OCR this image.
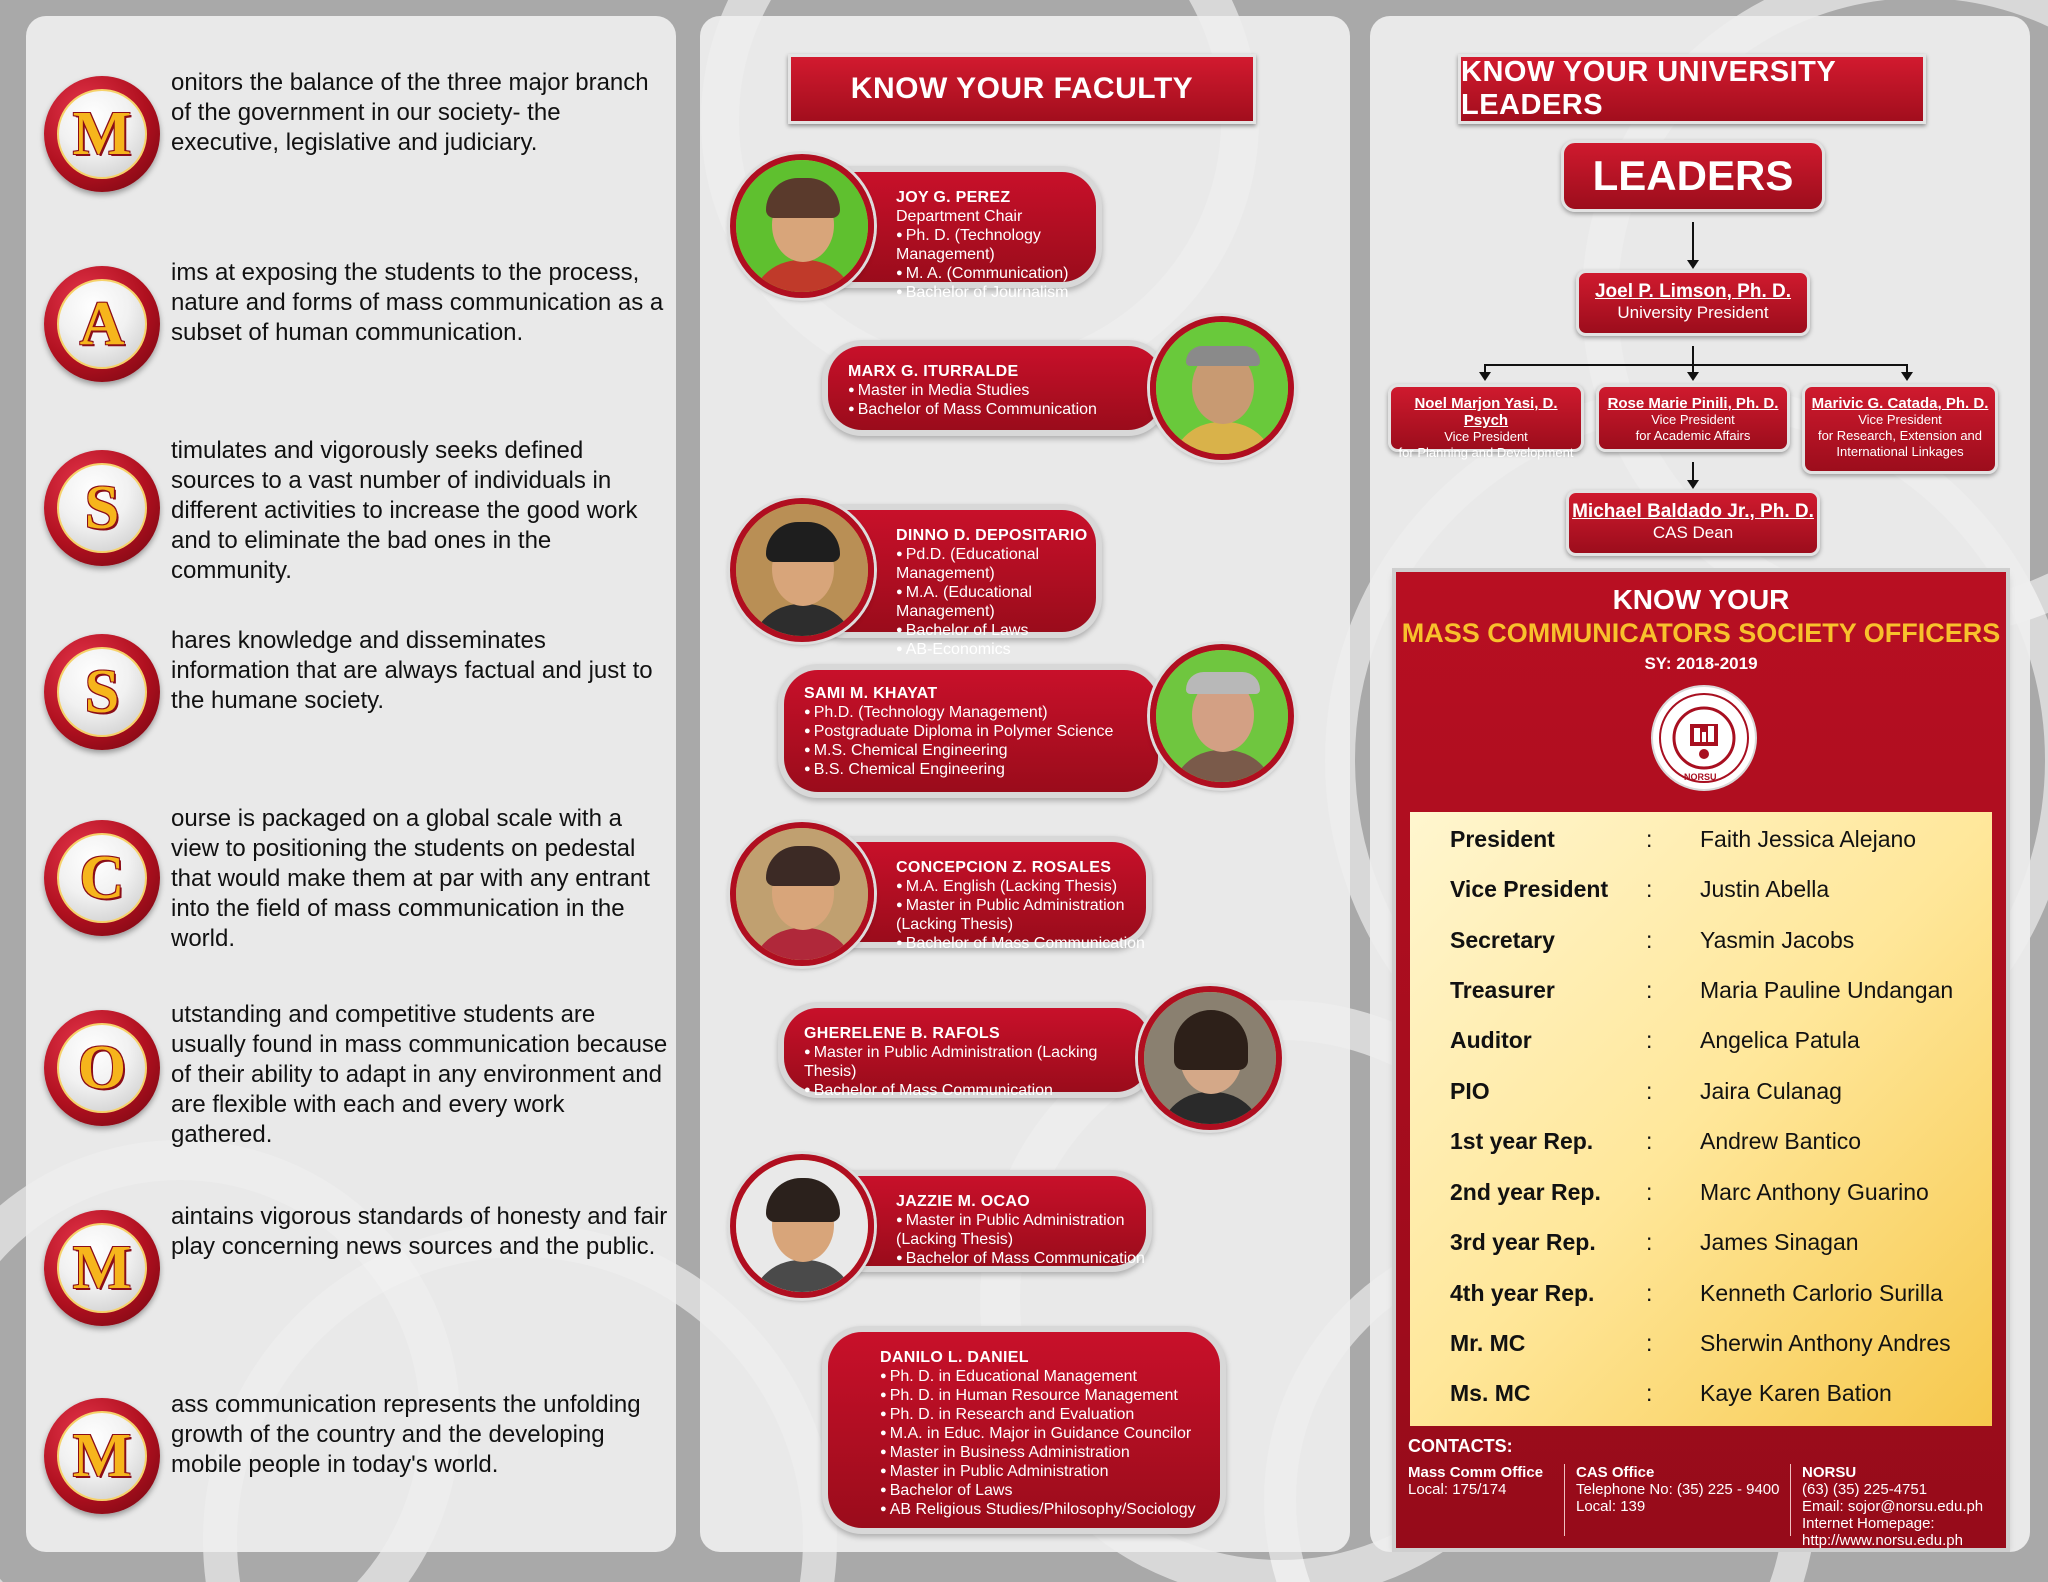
M
onitors the balance of the three major branch of the government in our society- the executive, legislative and judiciary.
A
ims at exposing the students to the process, nature and forms of mass communication as a subset of human communication.
S
timulates and vigorously seeks defined sources to a vast number of individuals in different activities to increase the good work and to eliminate the bad ones in the community.
S
hares knowledge and disseminates information that are always factual and just to the humane society.
C
ourse is packaged on a global scale with a view to positioning the students on pedestal that would make them at par with any entrant into the field of mass communication in the world.
O
utstanding and competitive students are usually found in mass communication because of their ability to adapt in any environment and are flexible with each and every work gathered.
M
aintains vigorous standards of honesty and fair play concerning news sources and the public.
M
ass communication represents the unfolding growth of the country and the developing mobile people in today's world.
KNOW YOUR FACULTY
JOY G. PEREZ
Department Chair
● Ph. D. (Technology Management)
● M. A. (Communication)
● Bachelor of Journalism
MARX G. ITURRALDE
● Master in Media Studies
● Bachelor of Mass Communication
DINNO D. DEPOSITARIO
● Pd.D. (Educational Management)
● M.A. (Educational Management)
● Bachelor of Laws
● AB-Economics
SAMI M. KHAYAT
● Ph.D. (Technology Management)
● Postgraduate Diploma in Polymer Science
● M.S. Chemical Engineering
● B.S. Chemical Engineering
CONCEPCION Z. ROSALES
● M.A. English (Lacking Thesis)
● Master in Public Administration (Lacking Thesis)
● Bachelor of Mass Communication
GHERELENE B. RAFOLS
● Master in Public Administration (Lacking Thesis)
● Bachelor of Mass Communication
JAZZIE M. OCAO
● Master in Public Administration (Lacking Thesis)
● Bachelor of Mass Communication
DANILO L. DANIEL
● Ph. D. in Educational Management
● Ph. D. in Human Resource Management
● Ph. D. in Research and Evaluation
● M.A. in Educ. Major in Guidance Councilor
● Master in Business Administration
● Master in Public Administration
● Bachelor of Laws
● AB Religious Studies/Philosophy/Sociology
KNOW YOUR UNIVERSITY LEADERS
LEADERS
Joel P. Limson, Ph. D.
University President
Noel Marjon Yasi, D. Psych
Vice President
for Planning and Development
Rose Marie Pinili, Ph. D.
Vice President
for Academic Affairs
Marivic G. Catada, Ph. D.
Vice President
for Research, Extension and International Linkages
Michael Baldado Jr., Ph. D.
CAS Dean
KNOW YOUR
MASS COMMUNICATORS SOCIETY OFFICERS
SY: 2018-2019
NORSU
President	: Faith Jessica Alejano
Vice President : Justin Abella
Secretary	: Yasmin Jacobs
Treasurer	: Maria Pauline Undangan
Auditor	: Angelica Patula
PIO	: Jaira Culanag
1st year Rep. : Andrew Bantico
2nd year Rep. : Marc Anthony Guarino
3rd year Rep. : James Sinagan
4th year Rep. : Kenneth Carlorio Surilla
Mr. MC	: Sherwin Anthony Andres
Ms. MC	: Kaye Karen Bation
CONTACTS:
Mass Comm Office
Local: 175/174
CAS Office
Telephone No: (35) 225 - 9400
Local: 139
NORSU
(63) (35) 225-4751
Email: sojor@norsu.edu.ph
Internet Homepage:
http://www.norsu.edu.ph
